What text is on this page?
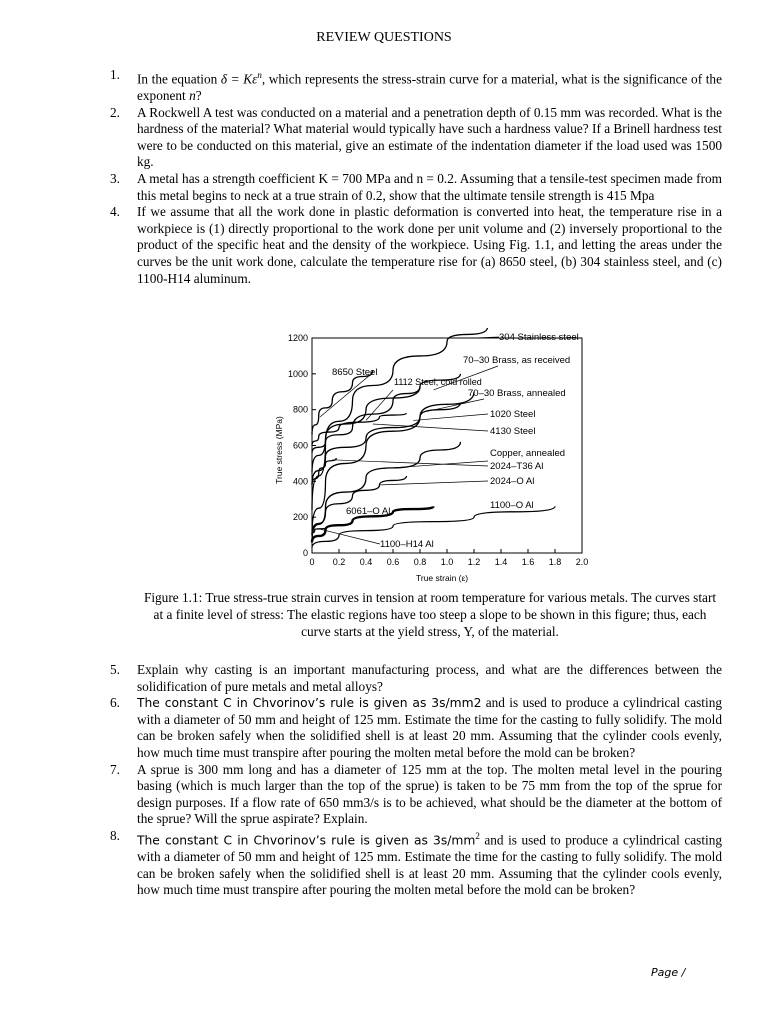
REVIEW QUESTIONS
1.	In the equation $\delta = K\varepsilon^n$, which represents the stress-strain curve for a material, what is the significance of the exponent n?
2.	A Rockwell A test was conducted on a material and a penetration depth of 0.15 mm was recorded. What is the hardness of the material? What material would typically have such a hardness value? If a Brinell hardness test were to be conducted on this material, give an estimate of the indentation diameter if the load used was 1500 kg.
3.	A metal has a strength coefficient K = 700 MPa and n = 0.2. Assuming that a tensile-test specimen made from this metal begins to neck at a true strain of 0.2, show that the ultimate tensile strength is 415 Mpa
4.	If we assume that all the work done in plastic deformation is converted into heat, the temperature rise in a workpiece is (1) directly proportional to the work done per unit volume and (2) inversely proportional to the product of the specific heat and the density of the workpiece. Using Fig. 1.1, and letting the areas under the curves be the unit work done, calculate the temperature rise for (a) 8650 steel, (b) 304 stainless steel, and (c) 1100-H14 aluminum.
0
200
400
600
800
1000
1200
0 0.2 0.4 0.6 0.8 1.0 1.2 1.4 1.6 1.8 2.0
304 Stainless steel
70–30 Brass, as received
8650 Steel
1112 Steel, cold rolled
70–30 Brass, annealed
1020 Steel
4130 Steel
Copper, annealed
2024–T36 Al
2024–O Al
1100–O Al
6061–O Al
1100–H14 Al
True strain (ε)
True stress (MPa)
Figure 1.1: True stress-true strain curves in tension at room temperature for various metals. The curves start at a finite level of stress: The elastic regions have too steep a slope to be shown in this figure; thus, each curve starts at the yield stress, Y, of the material.
5.	Explain why casting is an important manufacturing process, and what are the differences between the solidification of pure metals and metal alloys?
6.	The constant C in Chvorinov’s rule is given as 3s/mm2 and is used to produce a cylindrical casting with a diameter of 50 mm and height of 125 mm. Estimate the time for the casting to fully solidify. The mold can be broken safely when the solidified shell is at least 20 mm. Assuming that the cylinder cools evenly, how much time must transpire after pouring the molten metal before the mold can be broken?
7.	A sprue is 300 mm long and has a diameter of 125 mm at the top. The molten metal level in the pouring basing (which is much larger than the top of the sprue) is taken to be 75 mm from the top of the sprue for design purposes. If a flow rate of 650 mm3/s is to be achieved, what should be the diameter at the bottom of the sprue? Will the sprue aspirate? Explain.
8.	The constant C in Chvorinov’s rule is given as $3s/mm^2$ and is used to produce a cylindrical casting with a diameter of 50 mm and height of 125 mm. Estimate the time for the casting to fully solidify. The mold can be broken safely when the solidified shell is at least 20 mm. Assuming that the cylinder cools evenly, how much time must transpire after pouring the molten metal before the mold can be broken?
Page /
